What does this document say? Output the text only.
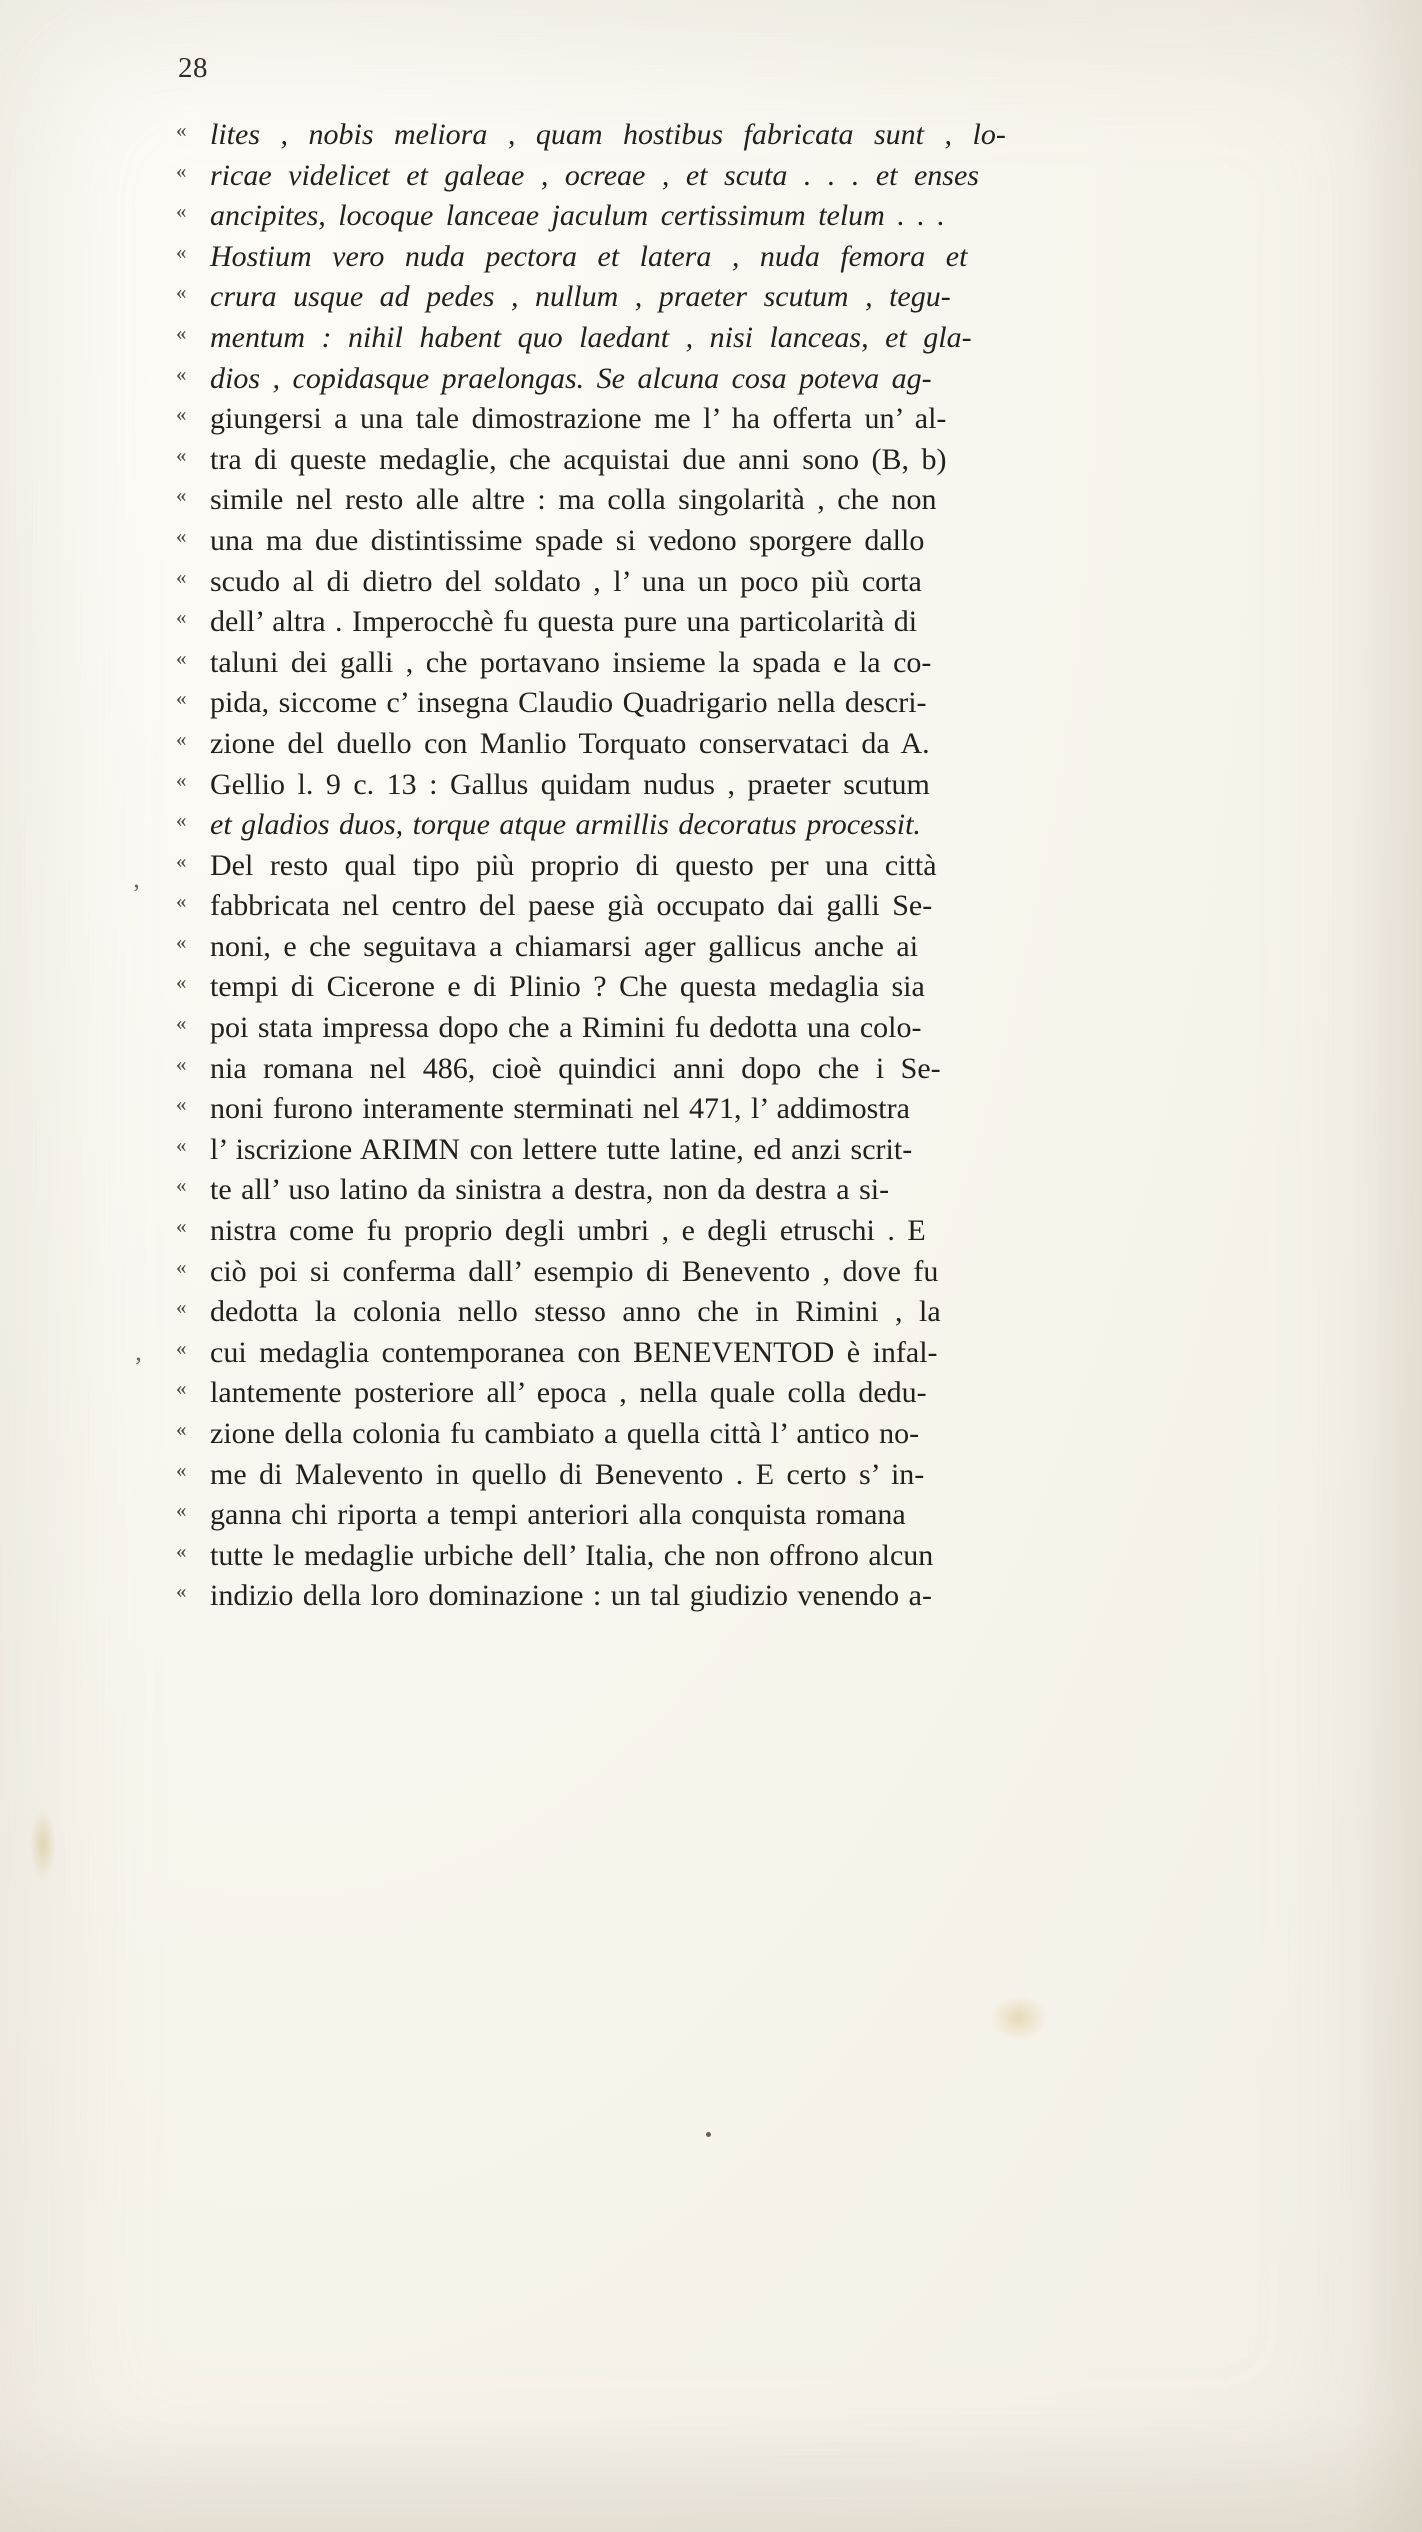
28
« lites , nobis meliora , quam hostibus fabricata sunt , lo-
« ricae videlicet et galeae , ocreae , et scuta . . . et enses
« ancipites, locoque lanceae jaculum certissimum telum . . .
« Hostium vero nuda pectora et latera , nuda femora et
« crura usque ad pedes , nullum , praeter scutum , tegu-
« mentum : nihil habent quo laedant , nisi lanceas, et gla-
« dios , copidasque praelongas. Se alcuna cosa poteva ag-
« giungersi a una tale dimostrazione me l’ ha offerta un’ al-
« tra di queste medaglie, che acquistai due anni sono (B, b)
« simile nel resto alle altre : ma colla singolarità , che non
« una ma due distintissime spade si vedono sporgere dallo
« scudo al di dietro del soldato , l’ una un poco più corta
« dell’ altra . Imperocchè fu questa pure una particolarità di
« taluni dei galli , che portavano insieme la spada e la co-
« pida, siccome c’ insegna Claudio Quadrigario nella descri-
« zione del duello con Manlio Torquato conservataci da A.
« Gellio l. 9 c. 13 : Gallus quidam nudus , praeter scutum
« et gladios duos, torque atque armillis decoratus processit.
« Del resto qual tipo più proprio di questo per una città
« fabbricata nel centro del paese già occupato dai galli Se-
« noni, e che seguitava a chiamarsi ager gallicus anche ai
« tempi di Cicerone e di Plinio ? Che questa medaglia sia
« poi stata impressa dopo che a Rimini fu dedotta una colo-
« nia romana nel 486, cioè quindici anni dopo che i Se-
« noni furono interamente sterminati nel 471, l’ addimostra
« l’ iscrizione ARIMN con lettere tutte latine, ed anzi scrit-
« te all’ uso latino da sinistra a destra, non da destra a si-
« nistra come fu proprio degli umbri , e degli etruschi . E
« ciò poi si conferma dall’ esempio di Benevento , dove fu
« dedotta la colonia nello stesso anno che in Rimini , la
« cui medaglia contemporanea con BENEVENTOD è infal-
« lantemente posteriore all’ epoca , nella quale colla dedu-
« zione della colonia fu cambiato a quella città l’ antico no-
« me di Malevento in quello di Benevento . E certo s’ in-
« ganna chi riporta a tempi anteriori alla conquista romana
« tutte le medaglie urbiche dell’ Italia, che non offrono alcun
« indizio della loro dominazione : un tal giudizio venendo a-
’
’
